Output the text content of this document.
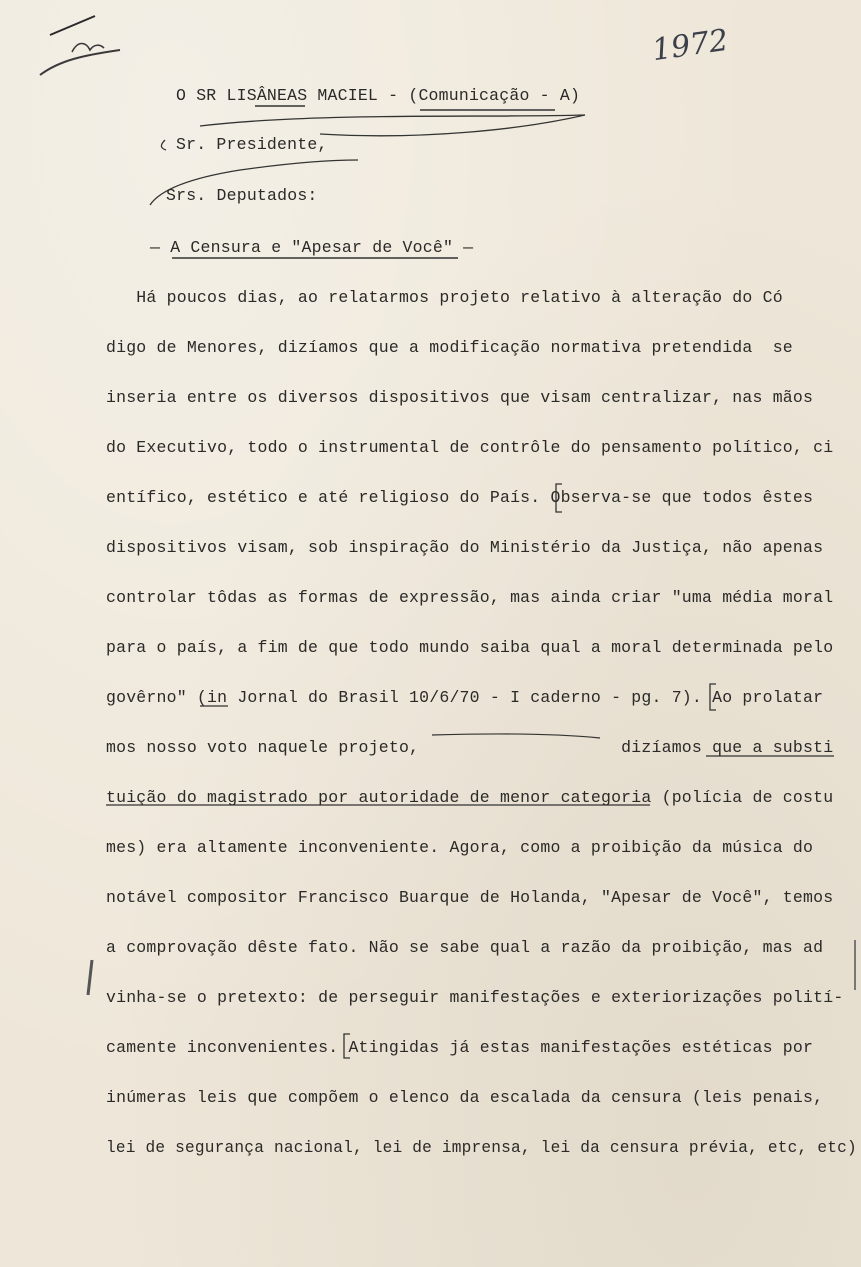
1972
O SR LISÂNEAS MACIEL - (Comunicação - A)
Sr. Presidente,
Srs. Deputados:
— A Censura e "Apesar de Você" —
Há poucos dias, ao relatarmos projeto relativo à alteração do Có
digo de Menores, dizíamos que a modificação normativa pretendida  se
inseria entre os diversos dispositivos que visam centralizar, nas mãos
do Executivo, todo o instrumental de contrôle do pensamento político, ci
entífico, estético e até religioso do País. Observa-se que todos êstes
dispositivos visam, sob inspiração do Ministério da Justiça, não apenas
controlar tôdas as formas de expressão, mas ainda criar "uma média moral
para o país, a fim de que todo mundo saiba qual a moral determinada pelo
govêrno" (in Jornal do Brasil 10/6/70 - I caderno - pg. 7). Ao prolatar
mos nosso voto naquele projeto,                    dizíamos que a substi
tuição do magistrado por autoridade de menor categoria (polícia de costu
mes) era altamente inconveniente. Agora, como a proibição da música do
notável compositor Francisco Buarque de Holanda, "Apesar de Você", temos
a comprovação dêste fato. Não se sabe qual a razão da proibição, mas ad
vinha-se o pretexto: de perseguir manifestações e exteriorizações polití-
camente inconvenientes. Atingidas já estas manifestações estéticas por
inúmeras leis que compõem o elenco da escalada da censura (leis penais,
lei de segurança nacional, lei de imprensa, lei da censura prévia, etc, etc)
